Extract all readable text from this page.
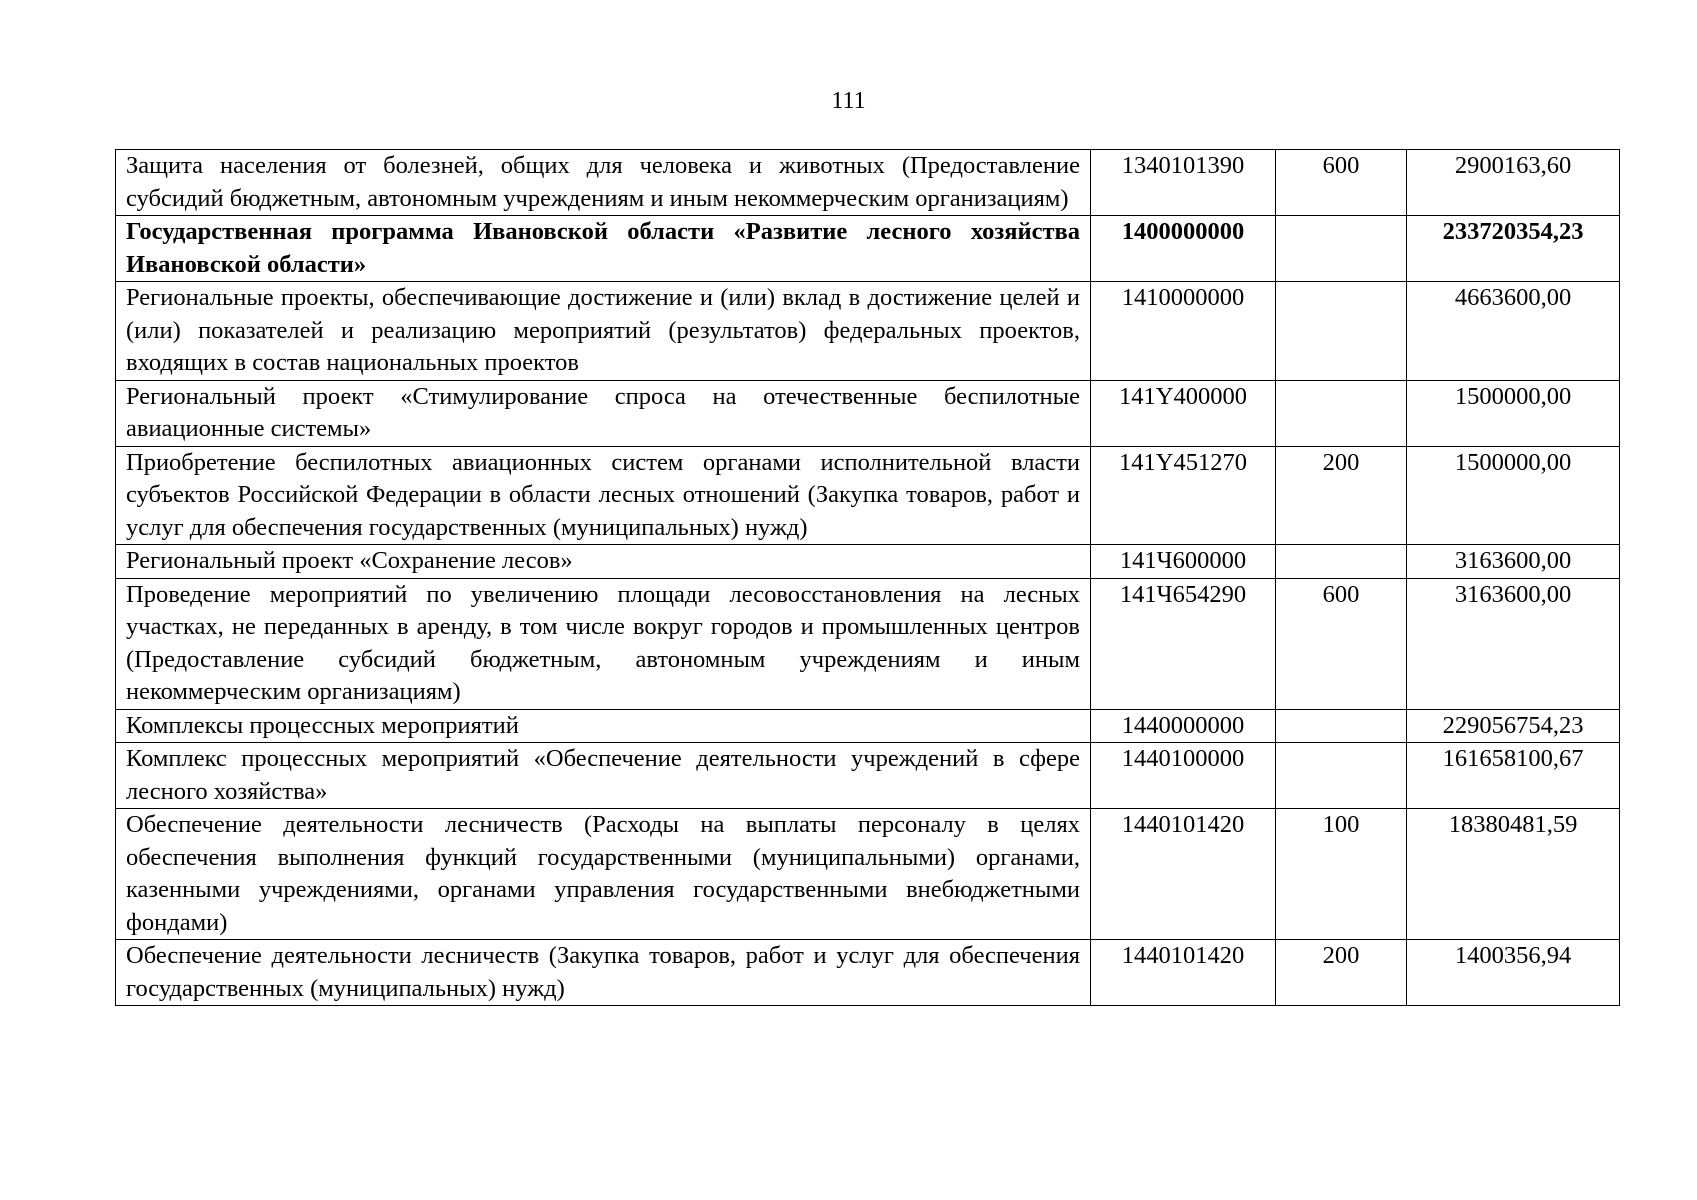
111
Защита населения от болезней, общих для человека и животных (Предоставление субсидий бюджетным, автономным учреждениям и иным некоммерческим организациям)	1340101390	600	2900163,60
Государственная программа Ивановской области «Развитие лесного хозяйства Ивановской области»	1400000000		233720354,23
Региональные проекты, обеспечивающие достижение и (или) вклад в достижение целей и (или) показателей и реализацию мероприятий (результатов) федеральных проектов, входящих в состав национальных проектов	1410000000		4663600,00
Региональный проект «Стимулирование спроса на отечественные беспилотные авиационные системы»	141Y400000		1500000,00
Приобретение беспилотных авиационных систем органами исполнительной власти субъектов Российской Федерации в области лесных отношений (Закупка товаров, работ и услуг для обеспечения государственных (муниципальных) нужд)	141Y451270	200	1500000,00
Региональный проект «Сохранение лесов»	141Ч600000		3163600,00
Проведение мероприятий по увеличению площади лесовосстановления на лесных участках, не переданных в аренду, в том числе вокруг городов и промышленных центров (Предоставление субсидий бюджетным, автономным учреждениям и иным некоммерческим организациям)	141Ч654290	600	3163600,00
Комплексы процессных мероприятий	1440000000		229056754,23
Комплекс процессных мероприятий «Обеспечение деятельности учреждений в сфере лесного хозяйства»	1440100000		161658100,67
Обеспечение деятельности лесничеств (Расходы на выплаты персоналу в целях обеспечения выполнения функций государственными (муниципальными) органами, казенными учреждениями, органами управления государственными внебюджетными фондами)	1440101420	100	18380481,59
Обеспечение деятельности лесничеств (Закупка товаров, работ и услуг для обеспечения государственных (муниципальных) нужд)	1440101420	200	1400356,94
